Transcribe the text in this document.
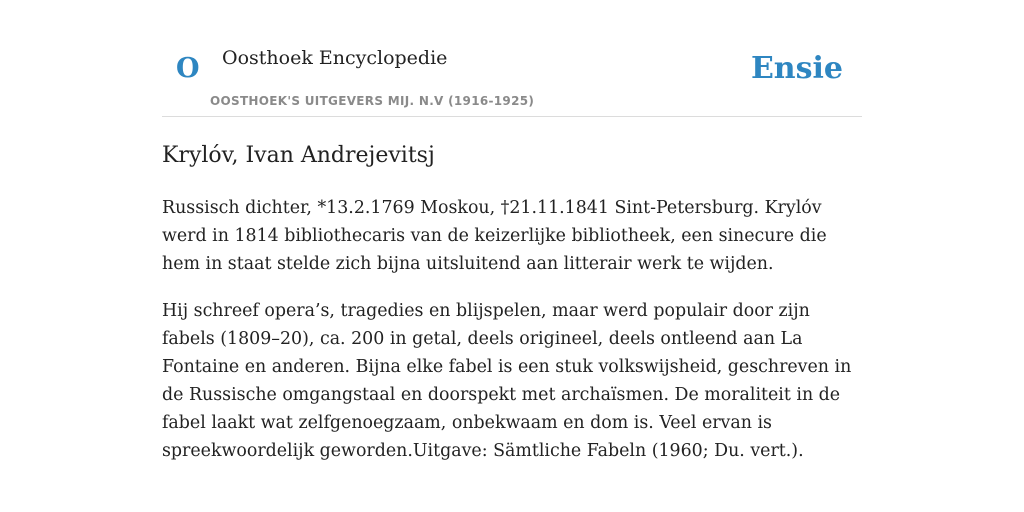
O Oosthoek Encyclopedie
OOSTHOEK'S UITGEVERS MIJ. N.V (1916-1925)
Ensie
Krylóv, Ivan Andrejevitsj

Russisch dichter, *13.2.1769 Moskou, †21.11.1841 Sint-Petersburg. Krylóv werd in 1814 bibliothecaris van de keizerlijke bibliotheek, een sinecure die hem in staat stelde zich bijna uitsluitend aan litterair werk te wijden.

Hij schreef opera’s, tragedies en blijspelen, maar werd populair door zijn fabels (1809–20), ca. 200 in getal, deels origineel, deels ontleend aan La Fontaine en anderen. Bijna elke fabel is een stuk volkswijsheid, geschreven in de Russische omgangstaal en doorspekt met archaïsmen. De moraliteit in de fabel laakt wat zelfgenoegzaam, onbekwaam en dom is. Veel ervan is spreekwoordelijk geworden.Uitgave: Sämtliche Fabeln (1960; Du. vert.).
